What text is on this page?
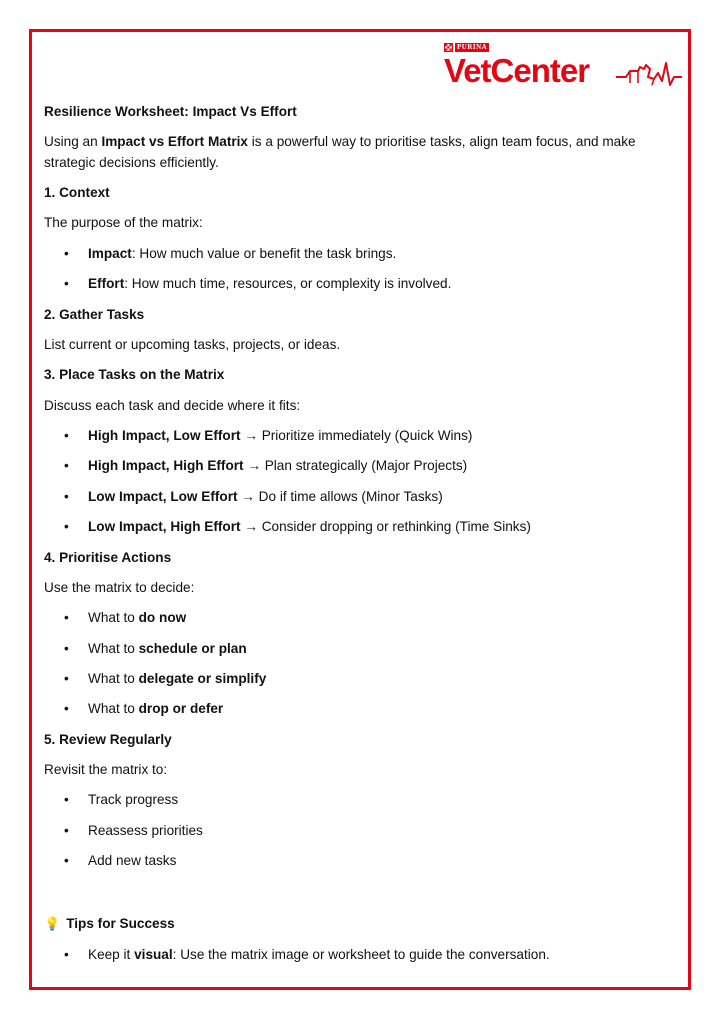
PURINA
VetCenter

Resilience Worksheet: Impact Vs Effort

Using an Impact vs Effort Matrix is a powerful way to prioritise tasks, align team focus, and make strategic decisions efficiently.

1. Context

The purpose of the matrix:

• Impact: How much value or benefit the task brings.
• Effort: How much time, resources, or complexity is involved.

2. Gather Tasks

List current or upcoming tasks, projects, or ideas.

3. Place Tasks on the Matrix

Discuss each task and decide where it fits:

• High Impact, Low Effort → Prioritize immediately (Quick Wins)
• High Impact, High Effort → Plan strategically (Major Projects)
• Low Impact, Low Effort → Do if time allows (Minor Tasks)
• Low Impact, High Effort → Consider dropping or rethinking (Time Sinks)

4. Prioritise Actions

Use the matrix to decide:

• What to do now
• What to schedule or plan
• What to delegate or simplify
• What to drop or defer

5. Review Regularly

Revisit the matrix to:

• Track progress
• Reassess priorities
• Add new tasks

💡 Tips for Success

• Keep it visual: Use the matrix image or worksheet to guide the conversation.
